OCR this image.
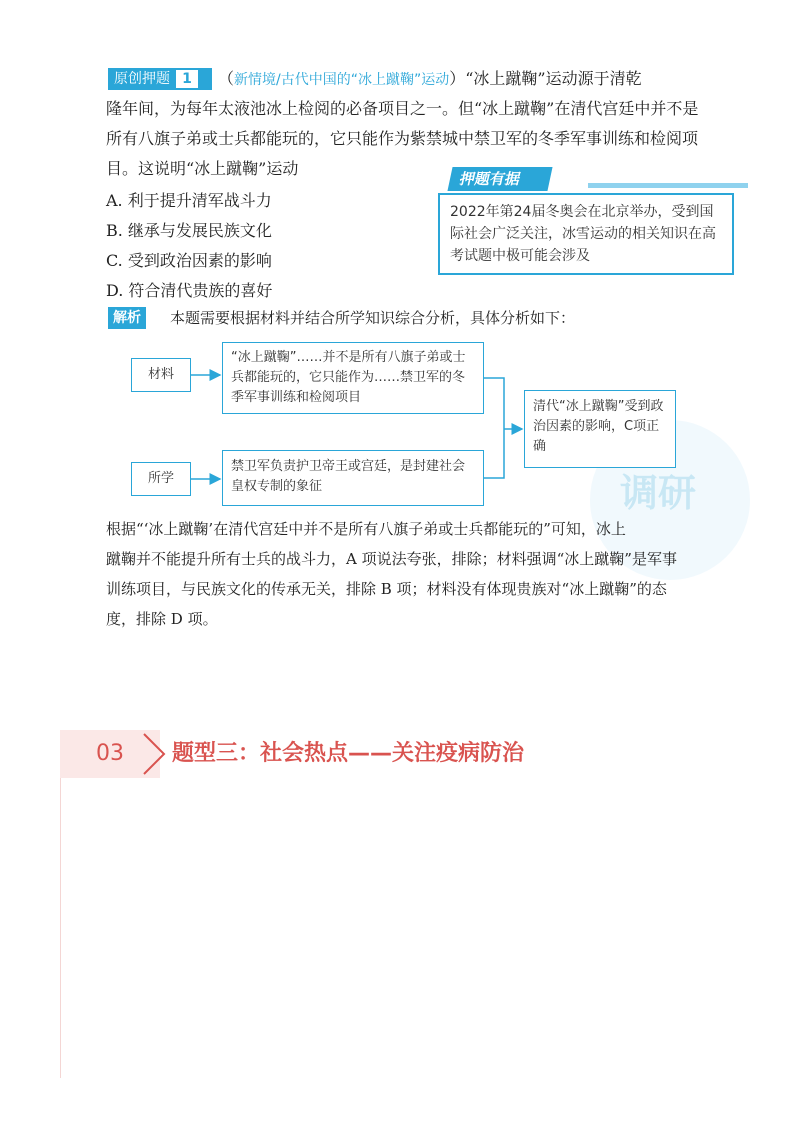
原创押题 1	（新情境/古代中国的“冰上蹴鞠”运动）“冰上蹴鞠”运动源于清乾
隆年间，为每年太液池冰上检阅的必备项目之一。但“冰上蹴鞠”在清代宫廷中并不是
所有八旗子弟或士兵都能玩的，它只能作为紫禁城中禁卫军的冬季军事训练和检阅项
目。这说明“冰上蹴鞠”运动
A. 利于提升清军战斗力
B. 继承与发展民族文化
C. 受到政治因素的影响
D. 符合清代贵族的喜好
押题有据
2022年第24届冬奥会在北京举办，受到国际社会广泛关注，冰雪运动的相关知识在高考试题中极可能会涉及
解析	本题需要根据材料并结合所学知识综合分析，具体分析如下：
调研
材料
“冰上蹴鞠”……并不是所有八旗子弟或士兵都能玩的，它只能作为……禁卫军的冬季军事训练和检阅项目
所学
禁卫军负责护卫帝王或宫廷，是封建社会皇权专制的象征
清代“冰上蹴鞠”受到政治因素的影响，C项正确
根据“‘冰上蹴鞠’在清代宫廷中并不是所有八旗子弟或士兵都能玩的”可知，冰上
蹴鞠并不能提升所有士兵的战斗力，A 项说法夸张，排除；材料强调“冰上蹴鞠”是军事
训练项目，与民族文化的传承无关，排除 B 项；材料没有体现贵族对“冰上蹴鞠”的态
度，排除 D 项。
03	题型三：社会热点——关注疫病防治
